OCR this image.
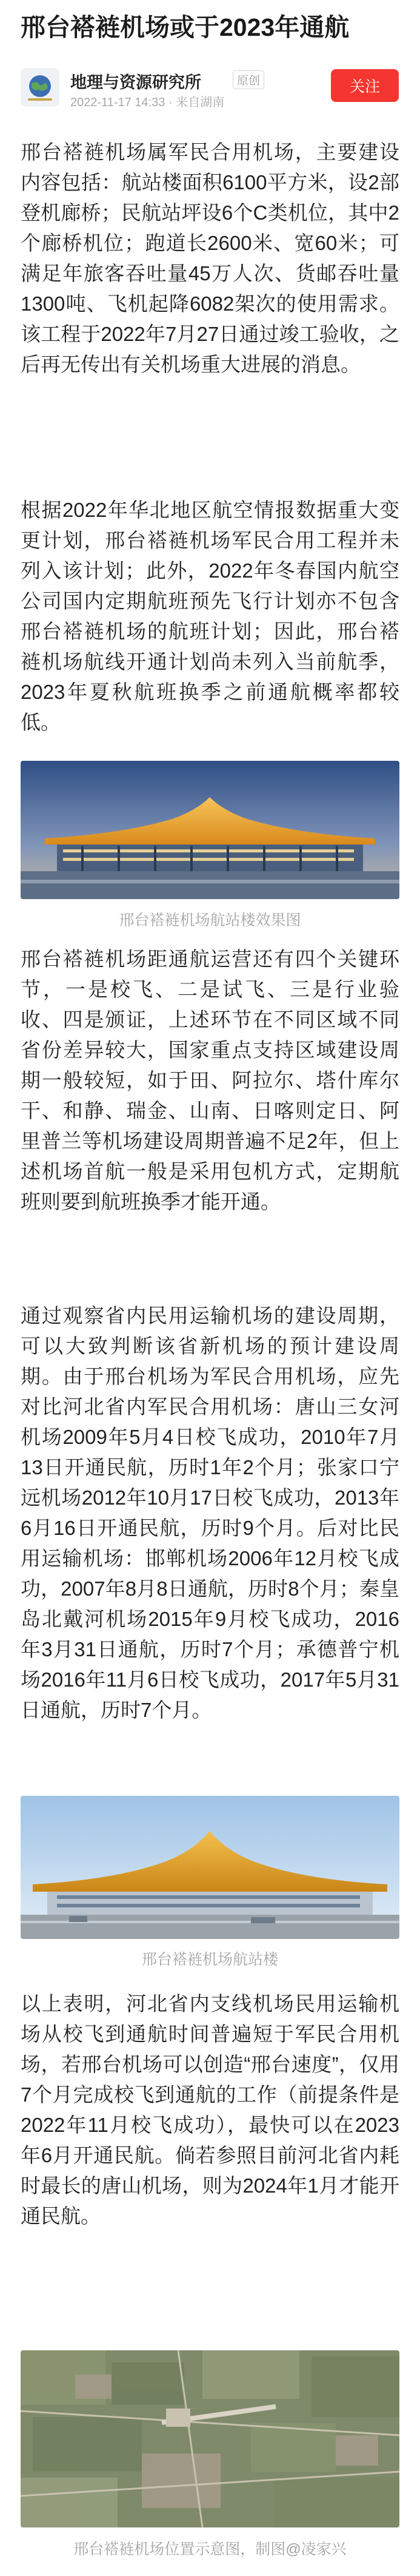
邢台褡裢机场或于2023年通航
地理与资源研究所	原创
2022-11-17 14:33 · 来自湖南
关注

邢台褡裢机场属军民合用机场，主要建设内容包括：航站楼面积6100平方米，设2部登机廊桥；民航站坪设6个C类机位，其中2个廊桥机位；跑道长2600米、宽60米；可满足年旅客吞吐量45万人次、货邮吞吐量1300吨、飞机起降6082架次的使用需求。该工程于2022年7月27日通过竣工验收，之后再无传出有关机场重大进展的消息。

根据2022年华北地区航空情报数据重大变更计划，邢台褡裢机场军民合用工程并未列入该计划；此外，2022年冬春国内航空公司国内定期航班预先飞行计划亦不包含邢台褡裢机场的航班计划；因此，邢台褡裢机场航线开通计划尚未列入当前航季，2023年夏秋航班换季之前通航概率都较低。

邢台褡裢机场航站楼效果图

邢台褡裢机场距通航运营还有四个关键环节，一是校飞、二是试飞、三是行业验收、四是颁证，上述环节在不同区域不同省份差异较大，国家重点支持区域建设周期一般较短，如于田、阿拉尔、塔什库尔干、和静、瑞金、山南、日喀则定日、阿里普兰等机场建设周期普遍不足2年，但上述机场首航一般是采用包机方式，定期航班则要到航班换季才能开通。

通过观察省内民用运输机场的建设周期，可以大致判断该省新机场的预计建设周期。由于邢台机场为军民合用机场，应先对比河北省内军民合用机场：唐山三女河机场2009年5月4日校飞成功，2010年7月13日开通民航，历时1年2个月；张家口宁远机场2012年10月17日校飞成功，2013年6月16日开通民航，历时9个月。后对比民用运输机场：邯郸机场2006年12月校飞成功，2007年8月8日通航，历时8个月；秦皇岛北戴河机场2015年9月校飞成功，2016年3月31日通航，历时7个月；承德普宁机场2016年11月6日校飞成功，2017年5月31日通航，历时7个月。

邢台褡裢机场航站楼

以上表明，河北省内支线机场民用运输机场从校飞到通航时间普遍短于军民合用机场，若邢台机场可以创造“邢台速度”，仅用7个月完成校飞到通航的工作（前提条件是2022年11月校飞成功），最快可以在2023年6月开通民航。倘若参照目前河北省内耗时最长的唐山机场，则为2024年1月才能开通民航。

邢台褡裢机场位置示意图，制图@凌家兴
